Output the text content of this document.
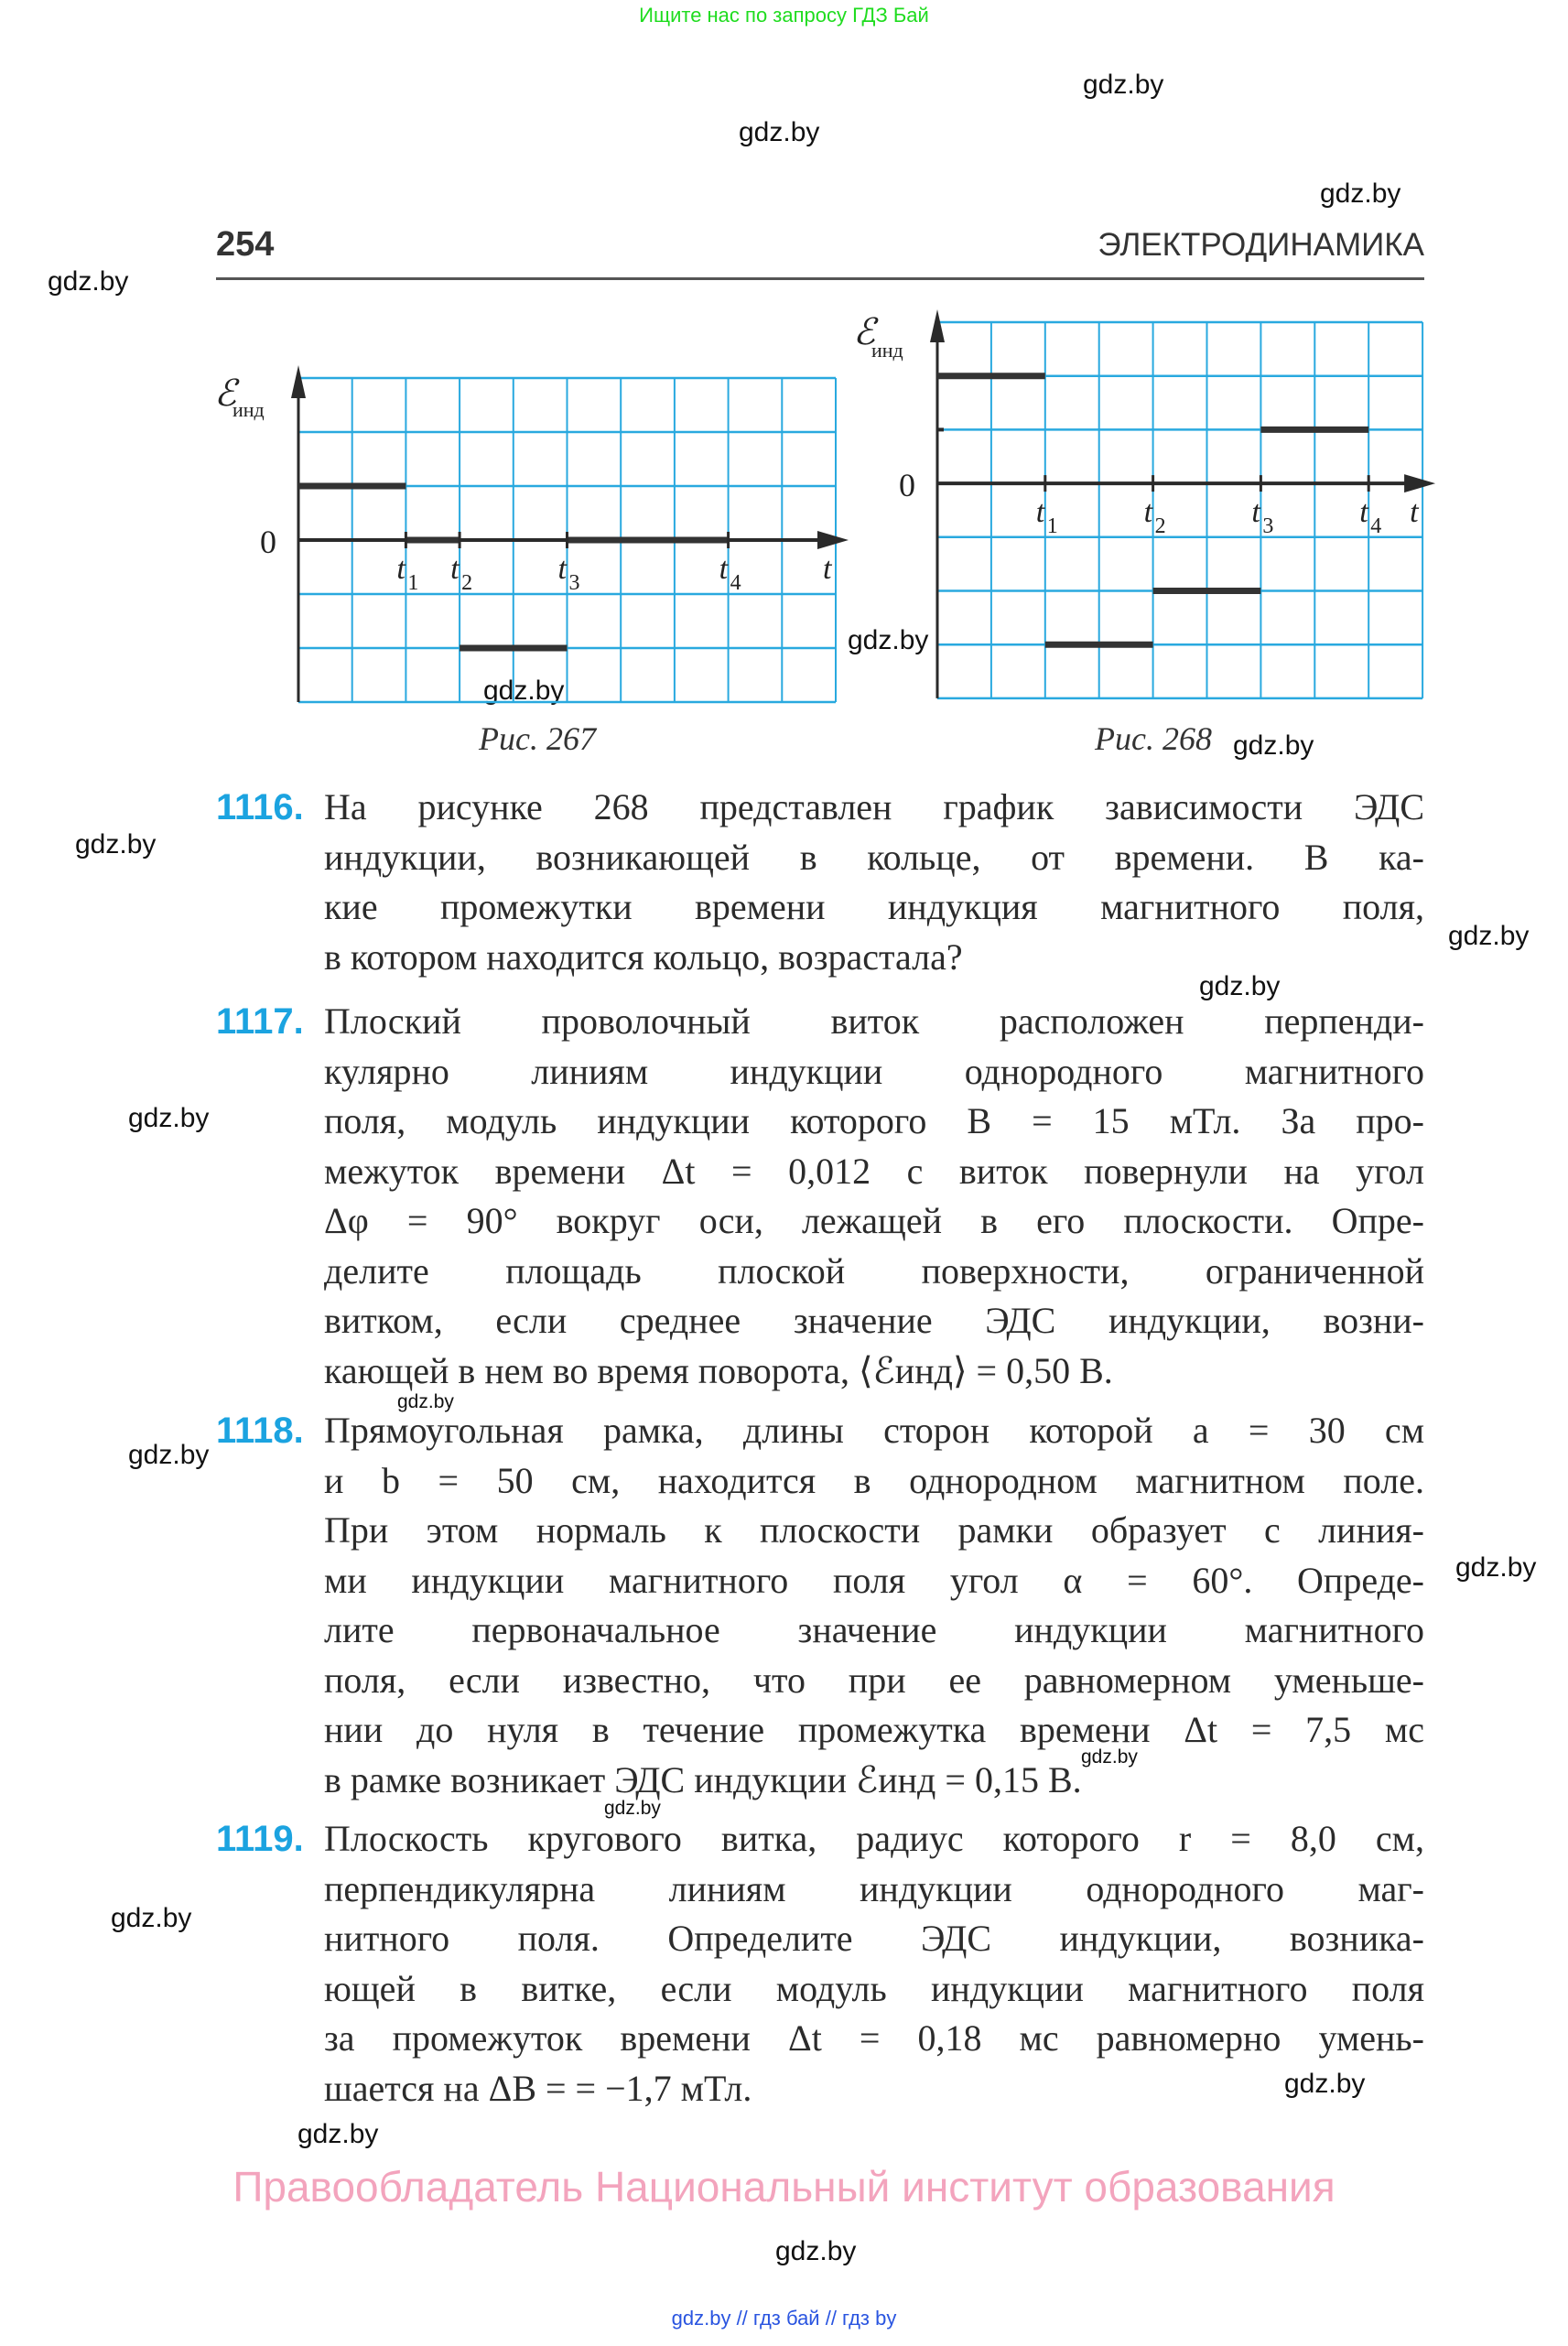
Ищите нас по запросу ГДЗ Бай
gdz.by
gdz.by
gdz.by
gdz.by
gdz.by
gdz.by
gdz.by
gdz.by
gdz.by
gdz.by
gdz.by
gdz.by
gdz.by
gdz.by
gdz.by
gdz.by
gdz.by
gdz.by
gdz.by
gdz.by
254	ЭЛЕКТРОДИНАМИКА
t 1 t 2	t 3	t 4	t
0
ℰ
инд
t 1	t 2	t 3	t 4 t
0
ℰ
инд
Рис. 267	Рис. 268
1116. На рисунке 268 представлен график зависимости ЭДС
индукции, возникающей в кольце, от времени. В ка-
кие промежутки времени индукция магнитного поля,
в котором находится кольцо, возрастала?
1117. Плоский проволочный виток расположен перпенди-
кулярно линиям индукции однородного магнитного
поля, модуль индукции которого B = 15 мТл. За про-
межуток времени Δt = 0,012 с виток повернули на угол
Δφ = 90° вокруг оси, лежащей в его плоскости. Опре-
делите площадь плоской поверхности, ограниченной
витком, если среднее значение ЭДС индукции, возни-
кающей в нем во время поворота, ⟨ℰинд⟩ = 0,50 В.
1118. Прямоугольная рамка, длины сторон которой a = 30 см
и b = 50 см, находится в однородном магнитном поле.
При этом нормаль к плоскости рамки образует с линия-
ми индукции магнитного поля угол α = 60°. Опреде-
лите первоначальное значение индукции магнитного
поля, если известно, что при ее равномерном уменьше-
нии до нуля в течение промежутка времени Δt = 7,5 мс
в рамке возникает ЭДС индукции ℰинд = 0,15 В.
1119. Плоскость кругового витка, радиус которого r = 8,0 см,
перпендикулярна линиям индукции однородного маг-
нитного поля. Определите ЭДС индукции, возника-
ющей в витке, если модуль индукции магнитного поля
за промежуток времени Δt = 0,18 мс равномерно умень-
шается на ΔB = = −1,7 мТл.
Правообладатель Национальный институт образования
gdz.by // гдз бай // гдз by
